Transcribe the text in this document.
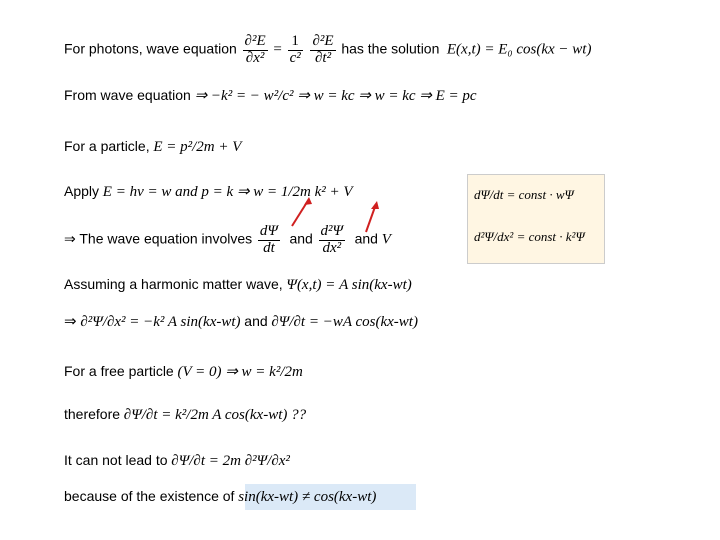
For photons, wave equation $\frac{\text{∂²E}}{\text{∂x²}} = \frac{1}{\text{c²}}$
$\frac{\text{∂²E}}{\text{∂t²}}$ has the solution E(x,t) = E₀ cos(kx − wt)
From wave equation ⇒ −k² = − w²/c² ⇒ w = kc ⇒ w = kc ⇒ E = pc
For a particle, E = p²/2m + V
Apply E = hν = w and p = k ⇒ w = 1/2m k² + V
⇒ The wave equation involves $\frac{d\Psi}{dt}$ and $\frac{\text{d²Ψ}}{\text{dx²}}$ and V
Assuming a harmonic matter wave, Ψ(x,t) = A sin(kx-wt)
⇒ ∂²Ψ/∂x² = −k² A sin(kx-wt) and ∂Ψ/∂t = −wA cos(kx-wt)
For a free particle (V = 0) ⇒ w = k²/2m
therefore ∂Ψ/∂t = k²/2m A cos(kx-wt) ??
It can not lead to ∂Ψ/∂t = 2m ∂²Ψ/∂x²
because of the existence of sin(kx-wt) ≠ cos(kx-wt)
dΨ/dt = const · wΨ
d²Ψ/dx² = const · k²Ψ
